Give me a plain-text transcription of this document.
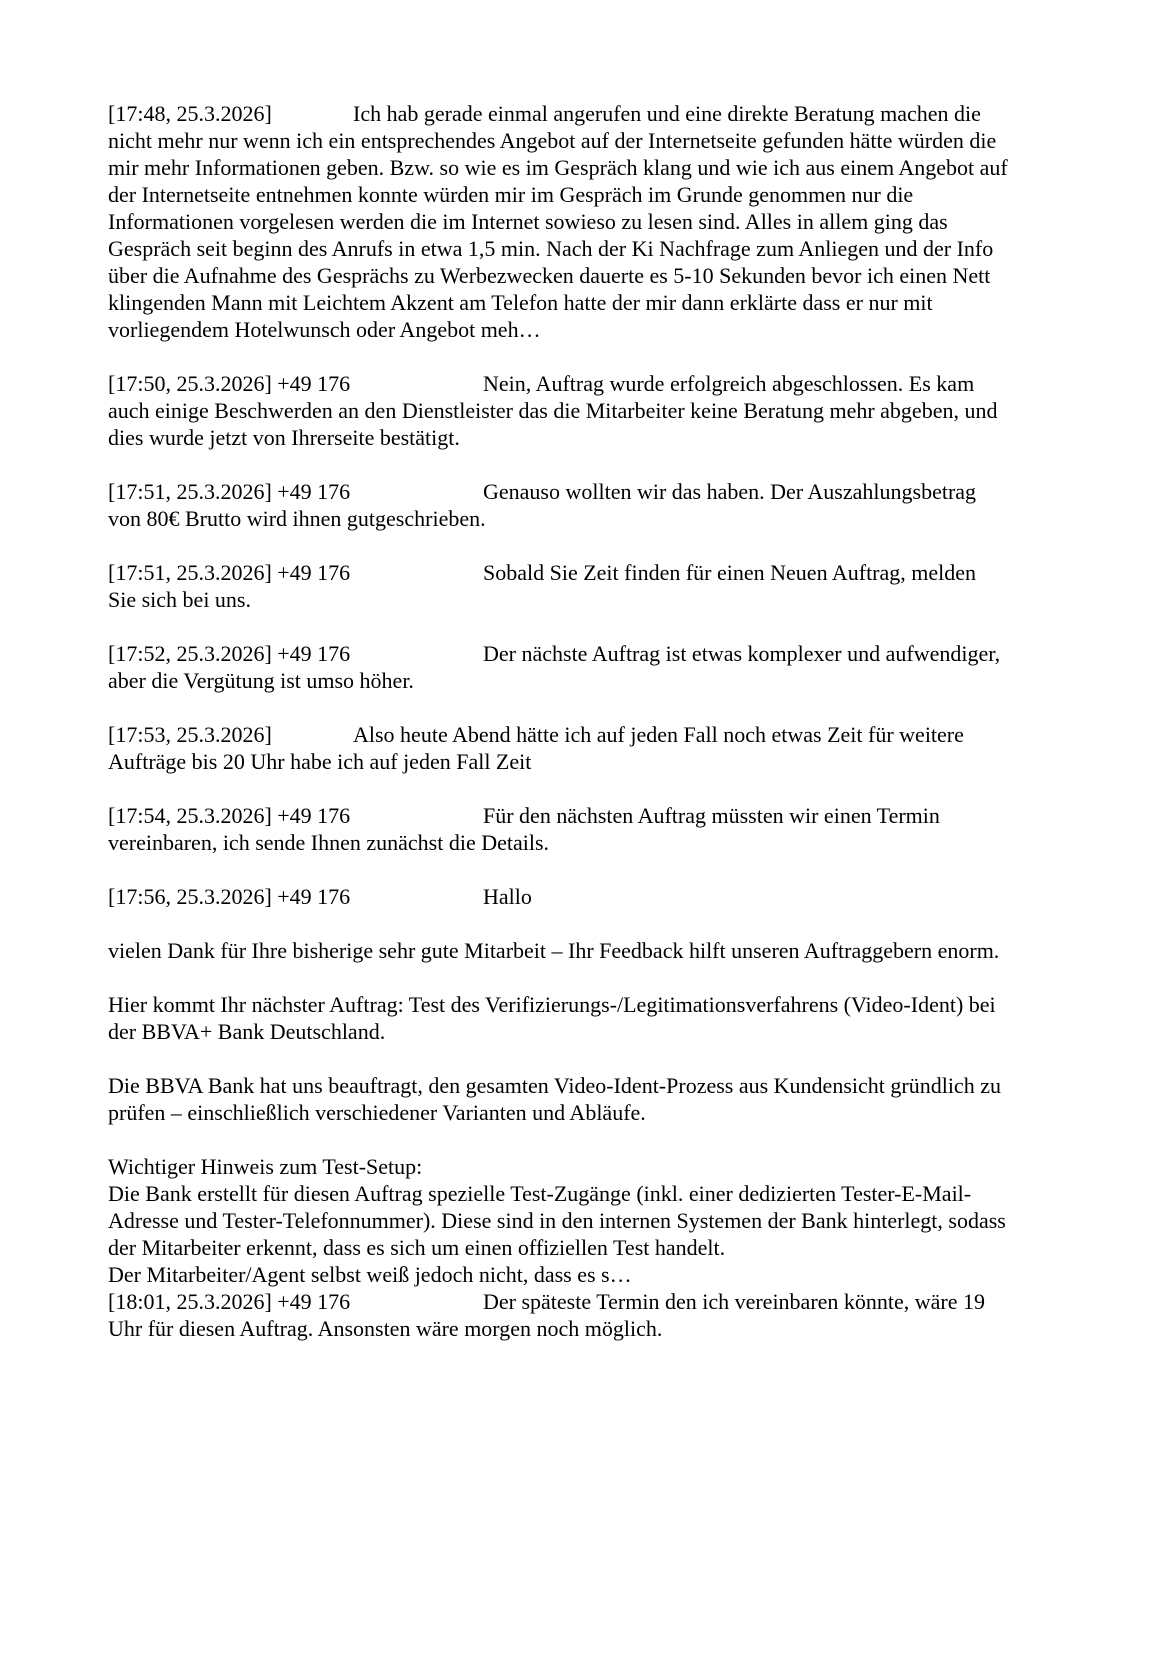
[17:48, 25.3.2026]	Ich hab gerade einmal angerufen und eine direkte Beratung machen die nicht mehr nur wenn ich ein entsprechendes Angebot auf der Internetseite gefunden hätte würden die mir mehr Informationen geben. Bzw. so wie es im Gespräch klang und wie ich aus einem Angebot auf der Internetseite entnehmen konnte würden mir im Gespräch im Grunde genommen nur die Informationen vorgelesen werden die im Internet sowieso zu lesen sind. Alles in allem ging das Gespräch seit beginn des Anrufs in etwa 1,5 min. Nach der Ki Nachfrage zum Anliegen und der Info über die Aufnahme des Gesprächs zu Werbezwecken dauerte es 5-10 Sekunden bevor ich einen Nett klingenden Mann mit Leichtem Akzent am Telefon hatte der mir dann erklärte dass er nur mit vorliegendem Hotelwunsch oder Angebot meh…
[17:50, 25.3.2026] +49 176	Nein, Auftrag wurde erfolgreich abgeschlossen. Es kam auch einige Beschwerden an den Dienstleister das die Mitarbeiter keine Beratung mehr abgeben, und dies wurde jetzt von Ihrerseite bestätigt.
[17:51, 25.3.2026] +49 176	Genauso wollten wir das haben. Der Auszahlungsbetrag von 80€ Brutto wird ihnen gutgeschrieben.
[17:51, 25.3.2026] +49 176	Sobald Sie Zeit finden für einen Neuen Auftrag, melden Sie sich bei uns.
[17:52, 25.3.2026] +49 176	Der nächste Auftrag ist etwas komplexer und aufwendiger, aber die Vergütung ist umso höher.
[17:53, 25.3.2026]	Also heute Abend hätte ich auf jeden Fall noch etwas Zeit für weitere Aufträge bis 20 Uhr habe ich auf jeden Fall Zeit
[17:54, 25.3.2026] +49 176	Für den nächsten Auftrag müssten wir einen Termin vereinbaren, ich sende Ihnen zunächst die Details.
[17:56, 25.3.2026] +49 176	Hallo
vielen Dank für Ihre bisherige sehr gute Mitarbeit – Ihr Feedback hilft unseren Auftraggebern enorm.
Hier kommt Ihr nächster Auftrag: Test des Verifizierungs-/Legitimationsverfahrens (Video-Ident) bei der BBVA+ Bank Deutschland.
Die BBVA Bank hat uns beauftragt, den gesamten Video-Ident-Prozess aus Kundensicht gründlich zu prüfen – einschließlich verschiedener Varianten und Abläufe.
Wichtiger Hinweis zum Test-Setup:
Die Bank erstellt für diesen Auftrag spezielle Test-Zugänge (inkl. einer dedizierten Tester-E-Mail-Adresse und Tester-Telefonnummer). Diese sind in den internen Systemen der Bank hinterlegt, sodass der Mitarbeiter erkennt, dass es sich um einen offiziellen Test handelt.
Der Mitarbeiter/Agent selbst weiß jedoch nicht, dass es s…
[18:01, 25.3.2026] +49 176	Der späteste Termin den ich vereinbaren könnte, wäre 19 Uhr für diesen Auftrag. Ansonsten wäre morgen noch möglich.
